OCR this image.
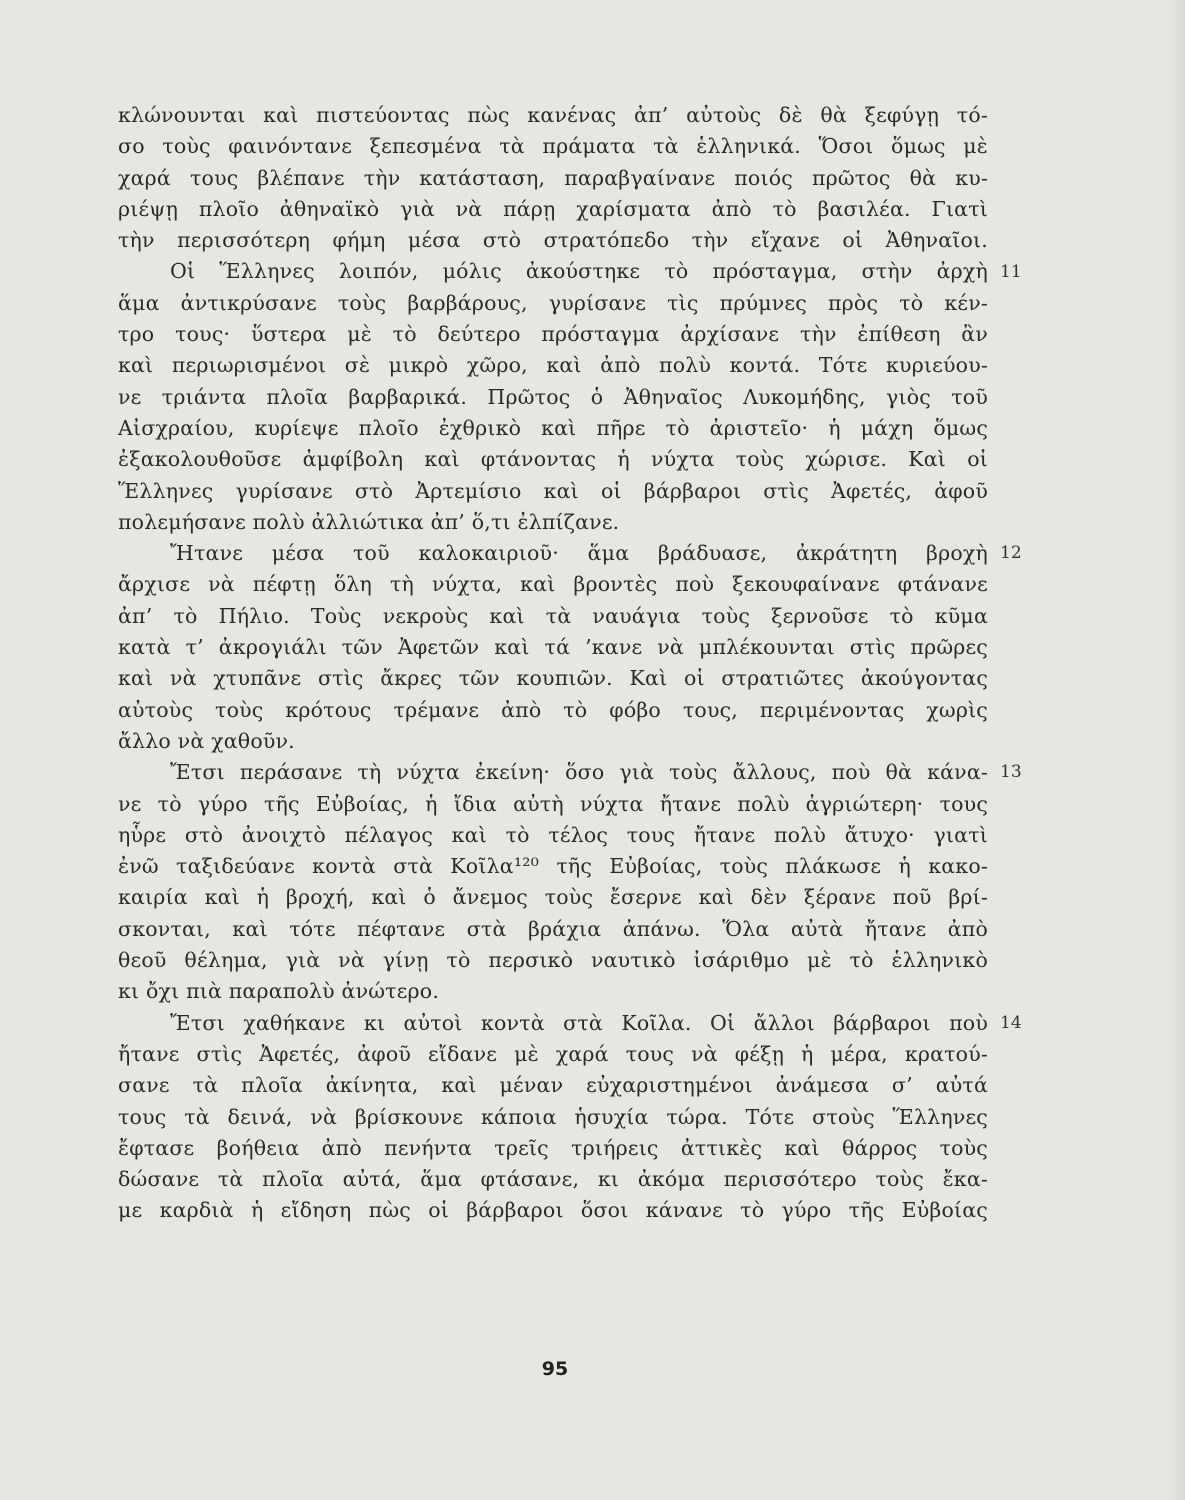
κλώνουνται καὶ πιστεύοντας πὼς κανένας ἀπ’ αὐτοὺς δὲ θὰ ξεφύγῃ τό-
σο τοὺς φαινόντανε ξεπεσμένα τὰ πράματα τὰ ἑλληνικά. Ὅσοι ὅμως μὲ
χαρά τους βλέπανε τὴν κατάσταση, παραβγαίνανε ποιός πρῶτος θὰ κυ-
ριέψῃ πλοῖο ἀθηναϊκὸ γιὰ νὰ πάρῃ χαρίσματα ἀπὸ τὸ βασιλέα. Γιατὶ
τὴν περισσότερη φήμη μέσα στὸ στρατόπεδο τὴν εἴχανε οἱ Ἀθηναῖοι.
Οἱ Ἕλληνες λοιπόν, μόλις ἀκούστηκε τὸ πρόσταγμα, στὴν ἀρχὴ
ἅμα ἀντικρύσανε τοὺς βαρβάρους, γυρίσανε τὶς πρύμνες πρὸς τὸ κέν-
τρο τους· ὕστερα μὲ τὸ δεύτερο πρόσταγμα ἀρχίσανε τὴν ἐπίθεση ἂν
καὶ περιωρισμένοι σὲ μικρὸ χῶρο, καὶ ἀπὸ πολὺ κοντά. Τότε κυριεύου-
νε τριάντα πλοῖα βαρβαρικά. Πρῶτος ὁ Ἀθηναῖος Λυκομήδης, γιὸς τοῦ
Αἰσχραίου, κυρίεψε πλοῖο ἐχθρικὸ καὶ πῆρε τὸ ἀριστεῖο· ἡ μάχη ὅμως
ἐξακολουθοῦσε ἀμφίβολη καὶ φτάνοντας ἡ νύχτα τοὺς χώρισε. Καὶ οἱ
Ἕλληνες γυρίσανε στὸ Ἀρτεμίσιο καὶ οἱ βάρβαροι στὶς Ἀφετές, ἀφοῦ
πολεμήσανε πολὺ ἀλλιώτικα ἀπ’ ὅ,τι ἐλπίζανε.
Ἤτανε μέσα τοῦ καλοκαιριοῦ· ἅμα βράδυασε, ἀκράτητη βροχὴ
ἄρχισε νὰ πέφτῃ ὅλη τὴ νύχτα, καὶ βροντὲς ποὺ ξεκουφαίνανε φτάνανε
ἀπ’ τὸ Πήλιο. Τοὺς νεκροὺς καὶ τὰ ναυάγια τοὺς ξερνοῦσε τὸ κῦμα
κατὰ τ’ ἀκρογιάλι τῶν Ἀφετῶν καὶ τά ’κανε νὰ μπλέκουνται στὶς πρῶρες
καὶ νὰ χτυπᾶνε στὶς ἄκρες τῶν κουπιῶν. Καὶ οἱ στρατιῶτες ἀκούγοντας
αὐτοὺς τοὺς κρότους τρέμανε ἀπὸ τὸ φόβο τους, περιμένοντας χωρὶς
ἄλλο νὰ χαθοῦν.
Ἔτσι περάσανε τὴ νύχτα ἐκείνη· ὅσο γιὰ τοὺς ἄλλους, ποὺ θὰ κάνα-
νε τὸ γύρο τῆς Εὐβοίας, ἡ ἴδια αὐτὴ νύχτα ἤτανε πολὺ ἀγριώτερη· τους
ηὗρε στὸ ἀνοιχτὸ πέλαγος καὶ τὸ τέλος τους ἤτανε πολὺ ἄτυχο· γιατὶ
ἐνῶ ταξιδεύανε κοντὰ στὰ Κοῖλα¹²⁰ τῆς Εὐβοίας, τοὺς πλάκωσε ἡ κακο-
καιρία καὶ ἡ βροχή, καὶ ὁ ἄνεμος τοὺς ἔσερνε καὶ δὲν ξέρανε ποῦ βρί-
σκονται, καὶ τότε πέφτανε στὰ βράχια ἀπάνω. Ὅλα αὐτὰ ἤτανε ἀπὸ
θεοῦ θέλημα, γιὰ νὰ γίνῃ τὸ περσικὸ ναυτικὸ ἰσάριθμο μὲ τὸ ἑλληνικὸ
κι ὄχι πιὰ παραπολὺ ἀνώτερο.
Ἔτσι χαθήκανε κι αὐτοὶ κοντὰ στὰ Κοῖλα. Οἱ ἄλλοι βάρβαροι ποὺ
ἤτανε στὶς Ἀφετές, ἀφοῦ εἴδανε μὲ χαρά τους νὰ φέξῃ ἡ μέρα, κρατού-
σανε τὰ πλοῖα ἀκίνητα, καὶ μέναν εὐχαριστημένοι ἀνάμεσα σ’ αὐτά
τους τὰ δεινά, νὰ βρίσκουνε κάποια ἡσυχία τώρα. Τότε στοὺς Ἕλληνες
ἔφτασε βοήθεια ἀπὸ πενήντα τρεῖς τριήρεις ἀττικὲς καὶ θάρρος τοὺς
δώσανε τὰ πλοῖα αὐτά, ἅμα φτάσανε, κι ἀκόμα περισσότερο τοὺς ἔκα-
με καρδιὰ ἡ εἴδηση πὼς οἱ βάρβαροι ὅσοι κάνανε τὸ γύρο τῆς Εὐβοίας
95
11
12
13
14
